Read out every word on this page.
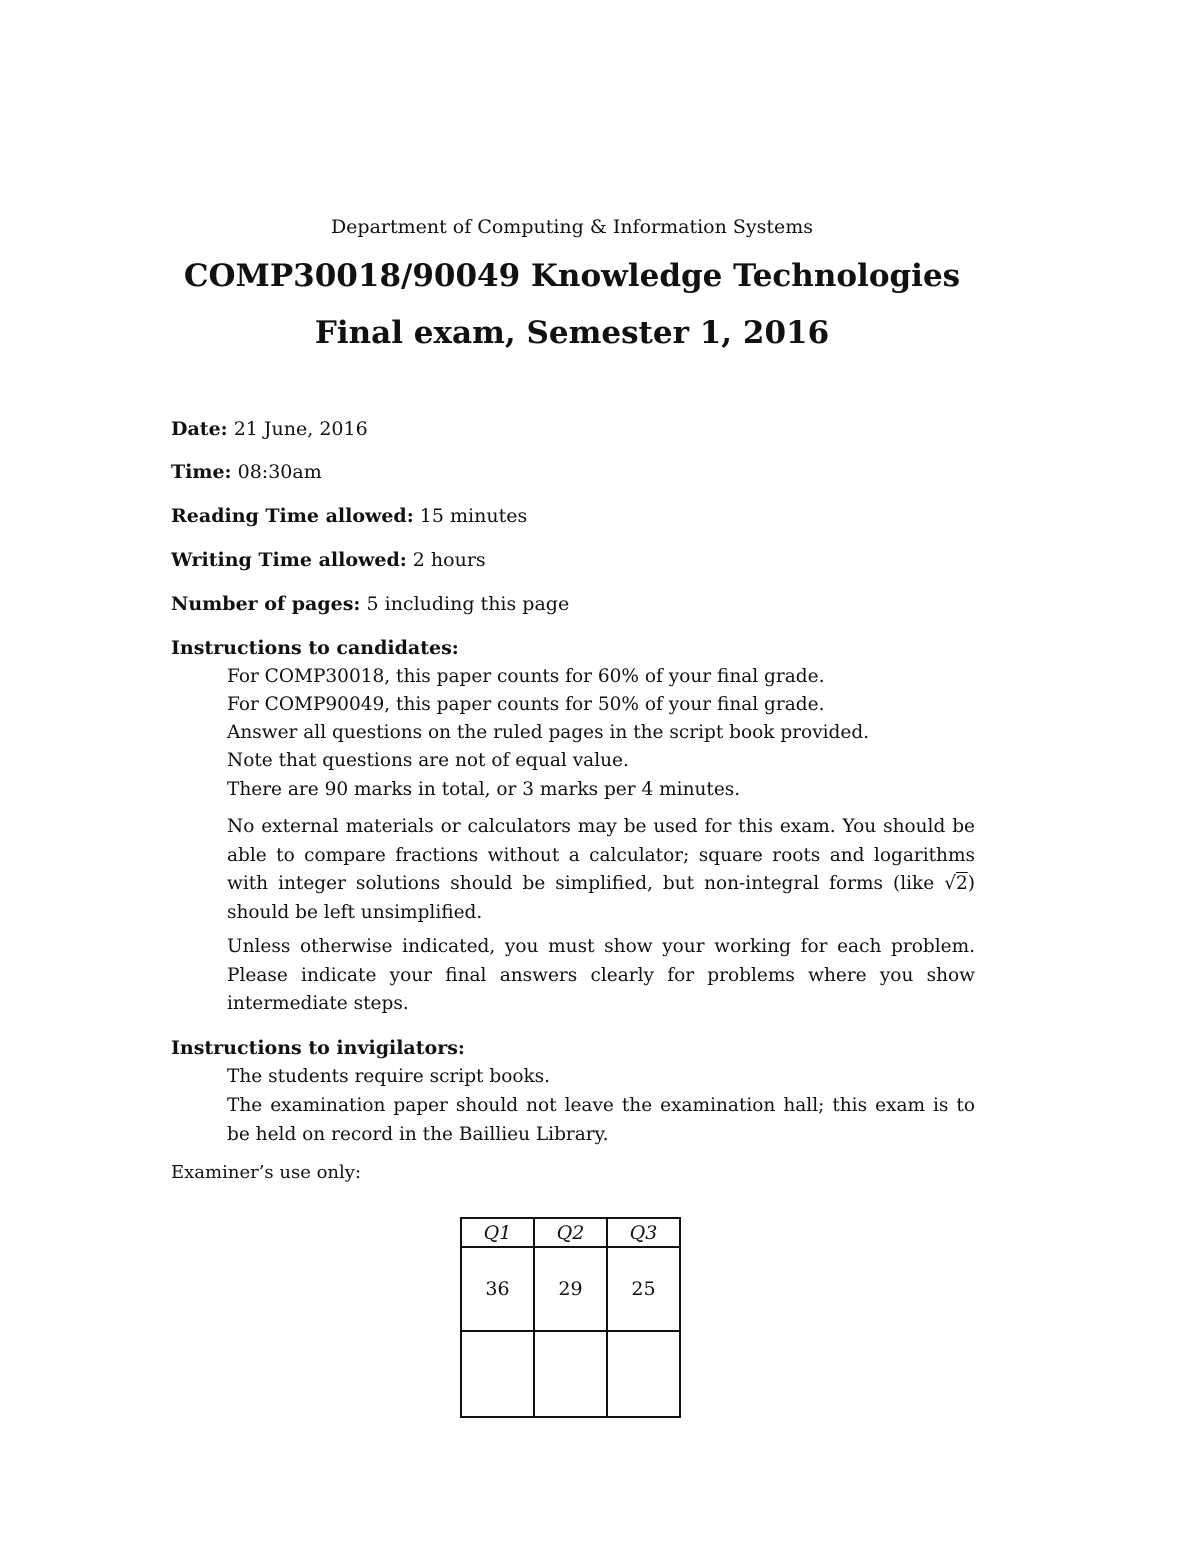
Department of Computing & Information Systems
COMP30018/90049 Knowledge Technologies
Final exam, Semester 1, 2016
Date: 21 June, 2016
Time: 08:30am
Reading Time allowed: 15 minutes
Writing Time allowed: 2 hours
Number of pages: 5 including this page
Instructions to candidates:
For COMP30018, this paper counts for 60% of your final grade.
For COMP90049, this paper counts for 50% of your final grade.
Answer all questions on the ruled pages in the script book provided.
Note that questions are not of equal value.
There are 90 marks in total, or 3 marks per 4 minutes.
No external materials or calculators may be used for this exam. You should be able to compare fractions without a calculator; square roots and logarithms with integer solutions should be simplified, but non-integral forms (like √2) should be left unsimplified.
Unless otherwise indicated, you must show your working for each problem. Please indicate your final answers clearly for problems where you show intermediate steps.
Instructions to invigilators:
The students require script books.
The examination paper should not leave the examination hall; this exam is to be held on record in the Baillieu Library.
Examiner’s use only:
Q1	Q2	Q3
36	29	25
